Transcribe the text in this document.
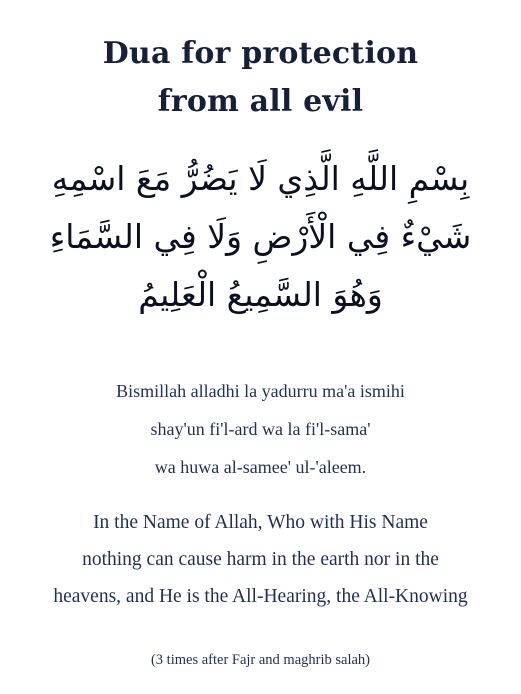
Dua for protection
from all evil
بِسْمِ اللَّهِ الَّذِي لَا يَضُرُّ مَعَ اسْمِهِ
شَيْءٌ فِي الْأَرْضِ وَلَا فِي السَّمَاءِ
وَهُوَ السَّمِيعُ الْعَلِيمُ
Bismillah alladhi la yadurru ma'a ismihi
shay'un fi'l-ard wa la fi'l-sama'
wa huwa al-samee' ul-'aleem.
In the Name of Allah, Who with His Name
nothing can cause harm in the earth nor in the
heavens, and He is the All-Hearing, the All-Knowing
(3 times after Fajr and maghrib salah)
